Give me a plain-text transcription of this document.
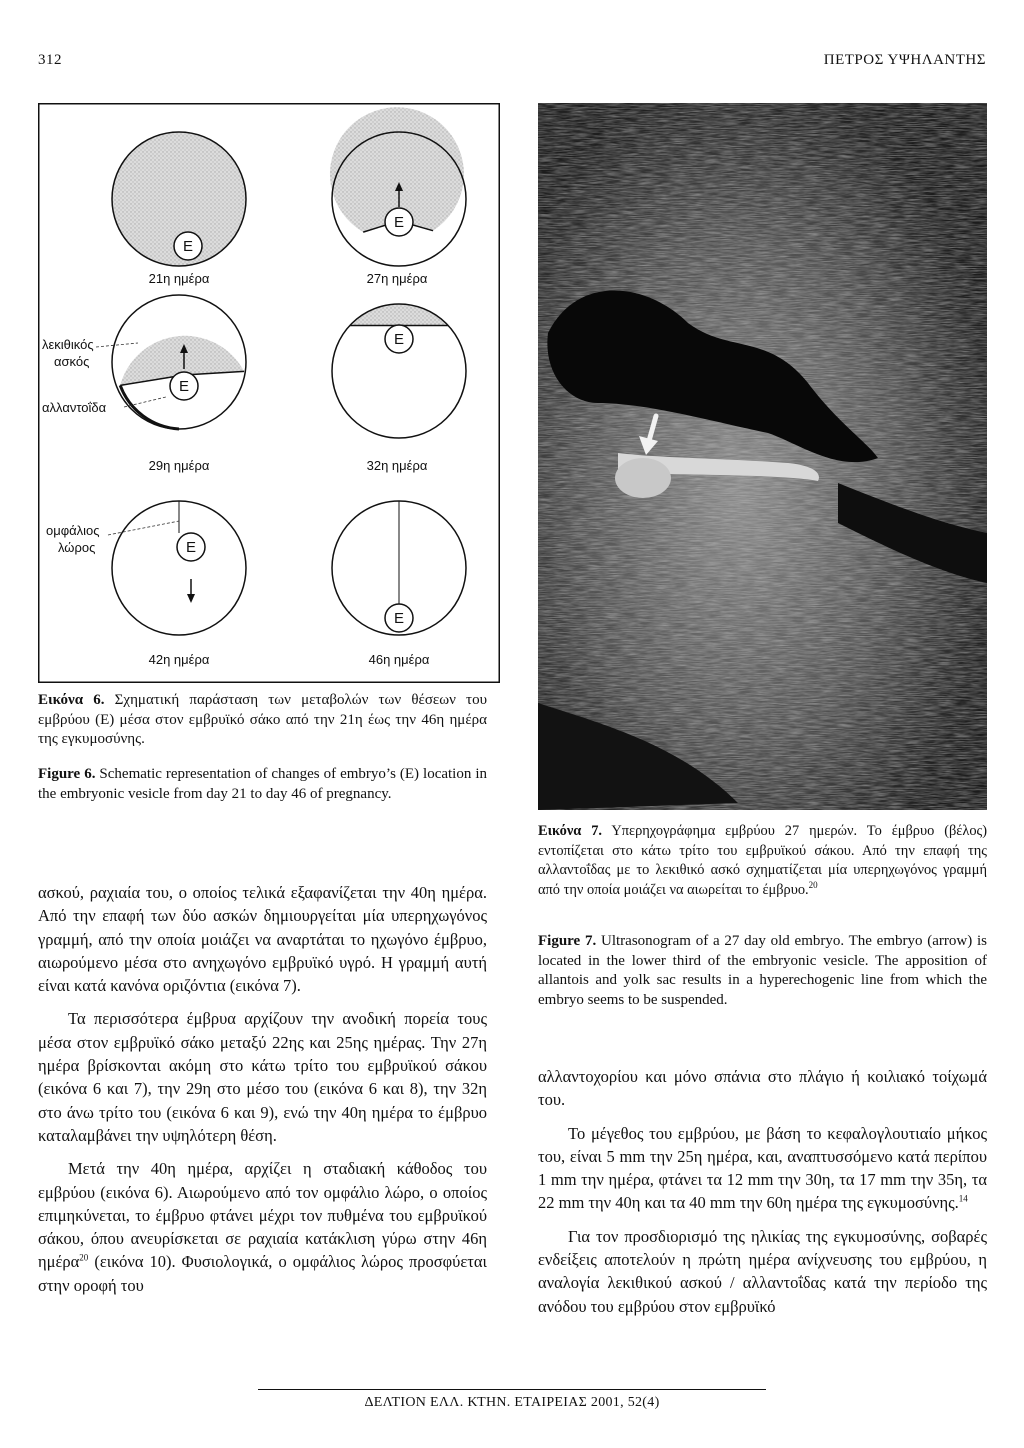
312	ΠΕΤΡΟΣ ΥΨΗΛΑΝΤΗΣ
E
21η ημέρα
E
27η ημέρα
E
λεκιθικός
ασκός
αλλαντοΐδα
29η ημέρα
E
32η ημέρα
E
ομφάλιος
λώρος
42η ημέρα
E
46η ημέρα

Εικόνα 6. Σχηματική παράσταση των μεταβολών των θέσεων του εμβρύου (Ε) μέσα στον εμβρυϊκό σάκο από την 21η έως την 46η ημέρα της εγκυμοσύνης.

Figure 6. Schematic representation of changes of embryo’s (E) location in the embryonic vesicle from day 21 to day 46 of pregnancy.

Εικόνα 7. Υπερηχογράφημα εμβρύου 27 ημερών. Το έμβρυο (βέλος) εντοπίζεται στο κάτω τρίτο του εμβρυϊκού σάκου. Από την επαφή της αλλαντοΐδας με το λεκιθικό ασκό σχηματίζεται μία υπερηχωγόνος γραμμή από την οποία μοιάζει να αιωρείται το έμβρυο.$^{20}$

Figure 7. Ultrasonogram of a 27 day old embryo. The embryo (arrow) is located in the lower third of the embryonic vesicle. The apposition of allantois and yolk sac results in a hyperechogenic line from which the embryo seems to be suspended.

ασκού, ραχιαία του, ο οποίος τελικά εξαφανίζεται την 40η ημέρα. Από την επαφή των δύο ασκών δημιουργείται μία υπερηχωγόνος γραμμή, από την οποία μοιάζει να αναρτάται το ηχωγόνο έμβρυο, αιωρούμενο μέσα στο ανηχωγόνο εμβρυϊκό υγρό. Η γραμμή αυτή είναι κατά κανόνα οριζόντια (εικόνα 7).

Τα περισσότερα έμβρυα αρχίζουν την ανοδική πορεία τους μέσα στον εμβρυϊκό σάκο μεταξύ 22ης και 25ης ημέρας. Την 27η ημέρα βρίσκονται ακόμη στο κάτω τρίτο του εμβρυϊκού σάκου (εικόνα 6 και 7), την 29η στο μέσο του (εικόνα 6 και 8), την 32η στο άνω τρίτο του (εικόνα 6 και 9), ενώ την 40η ημέρα το έμβρυο καταλαμβάνει την υψηλότερη θέση.

Μετά την 40η ημέρα, αρχίζει η σταδιακή κάθοδος του εμβρύου (εικόνα 6). Αιωρούμενο από τον ομφάλιο λώρο, ο οποίος επιμηκύνεται, το έμβρυο φτάνει μέχρι τον πυθμένα του εμβρυϊκού σάκου, όπου ανευρίσκεται σε ραχιαία κατάκλιση γύρω στην 46η ημέρα$^{20}$ (εικόνα 10). Φυσιολογικά, ο ομφάλιος λώρος προσφύεται στην οροφή του

αλλαντοχορίου και μόνο σπάνια στο πλάγιο ή κοιλιακό τοίχωμά του.

Το μέγεθος του εμβρύου, με βάση το κεφαλογλουτιαίο μήκος του, είναι 5 mm την 25η ημέρα, και, αναπτυσσόμενο κατά περίπου 1 mm την ημέρα, φτάνει τα 12 mm την 30η, τα 17 mm την 35η, τα 22 mm την 40η και τα 40 mm την 60η ημέρα της εγκυμοσύνης.$^{14}$

Για τον προσδιορισμό της ηλικίας της εγκυμοσύνης, σοβαρές ενδείξεις αποτελούν η πρώτη ημέρα ανίχνευσης του εμβρύου, η αναλογία λεκιθικού ασκού / αλλαντοΐδας κατά την περίοδο της ανόδου του εμβρύου στον εμβρυϊκό

ΔΕΛΤΙΟΝ ΕΛΛ. ΚΤΗΝ. ΕΤΑΙΡΕΙΑΣ 2001, 52(4)
